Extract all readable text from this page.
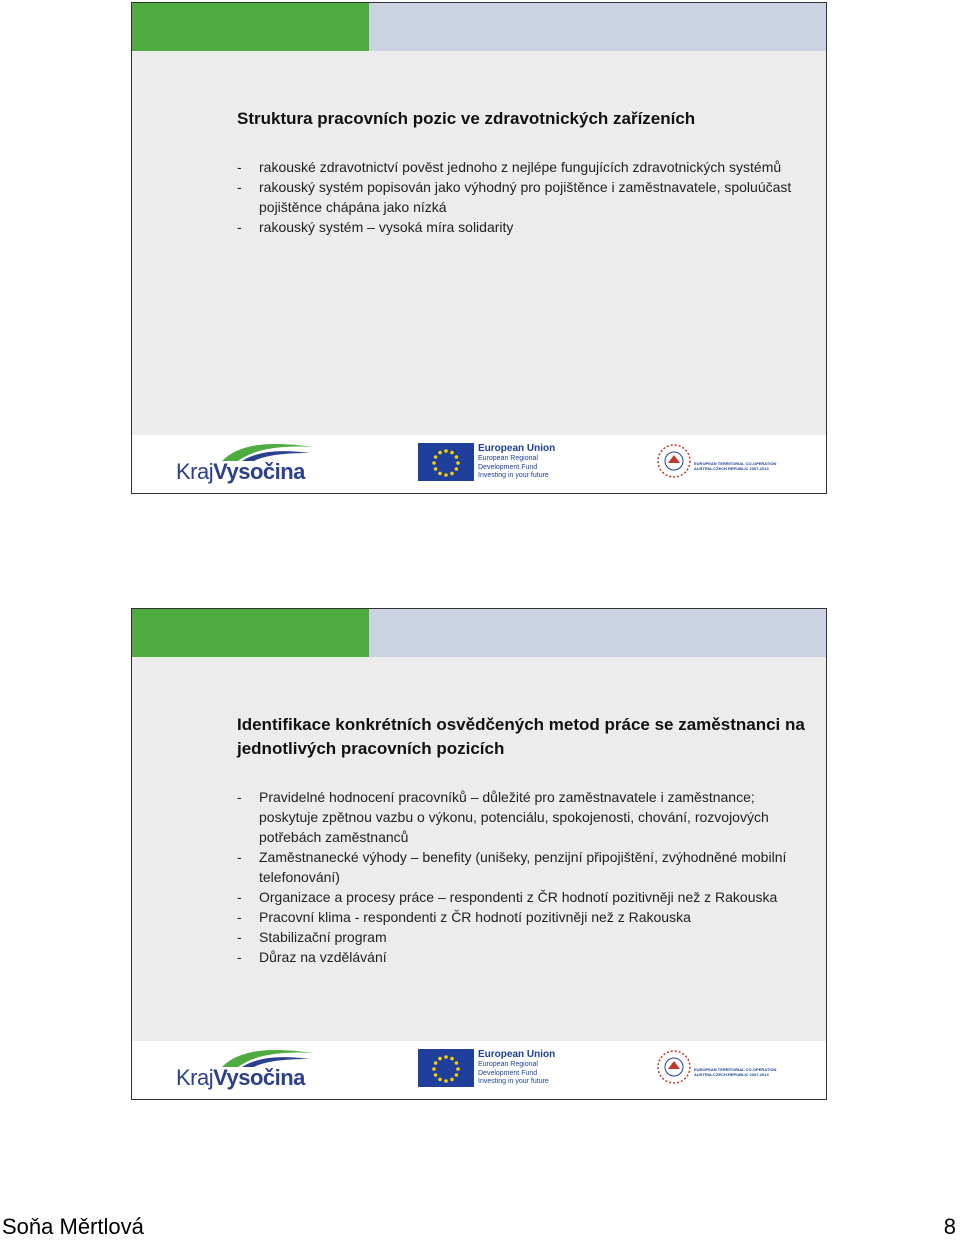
Struktura pracovních pozic ve zdravotnických zařízeních
- rakouské zdravotnictví pověst jednoho z nejlépe fungujících zdravotnických systémů
- rakouský systém popisován jako výhodný pro pojištěnce i zaměstnavatele, spoluúčast pojištěnce chápána jako nízká
- rakouský systém – vysoká míra solidarity
KrajVysočina
European Union
European Regional
Development Fund
Investing in your future
EUROPEAN TERRITORIAL CO-OPERATION
AUSTRIA-CZECH REPUBLIC 2007-2013
Identifikace konkrétních osvědčených metod práce se zaměstnanci na jednotlivých pracovních pozicích
- Pravidelné hodnocení pracovníků – důležité pro zaměstnavatele i zaměstnance; poskytuje zpětnou vazbu o výkonu, potenciálu, spokojenosti, chování, rozvojových potřebách zaměstnanců
- Zaměstnanecké výhody – benefity (unišeky, penzijní připojištění, zvýhodněné mobilní telefonování)
- Organizace a procesy práce – respondenti z ČR hodnotí pozitivněji než z Rakouska
- Pracovní klima - respondenti z ČR hodnotí pozitivněji než z Rakouska
- Stabilizační program
- Důraz na vzdělávání
KrajVysočina
European Union
European Regional
Development Fund
Investing in your future
EUROPEAN TERRITORIAL CO-OPERATION
AUSTRIA-CZECH REPUBLIC 2007-2013
Soňa Měrtlová	8
